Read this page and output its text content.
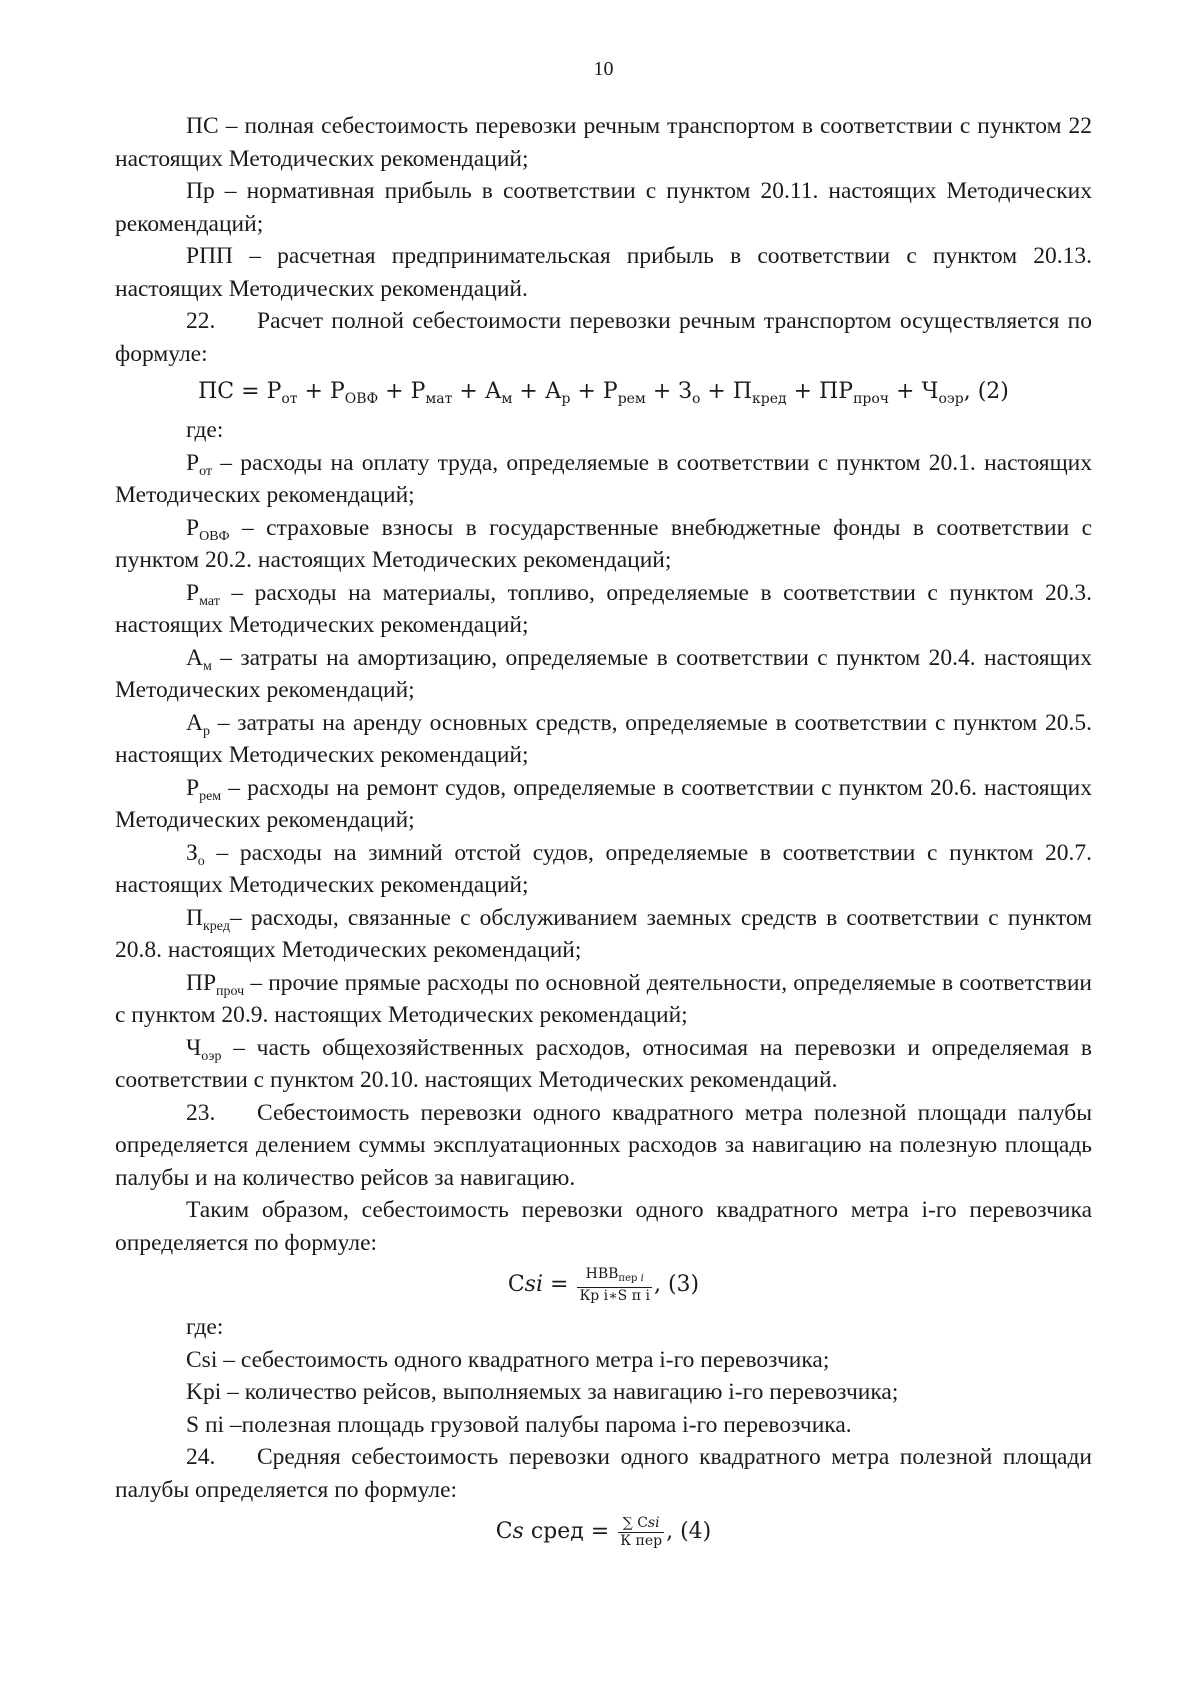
10

ПС – полная себестоимость перевозки речным транспортом в соответствии с пунктом 22 настоящих Методических рекомендаций;

Пр – нормативная прибыль в соответствии с пунктом 20.11. настоящих Методических рекомендаций;

РПП – расчетная предпринимательская прибыль в соответствии с пунктом 20.13. настоящих Методических рекомендаций.

22. Расчет полной себестоимости перевозки речным транспортом осуществляется по формуле:

ПС = $Р_{от} + Р_{ОВФ} + Р_{мат} + А_м + А_р + Р_{рем} + З_о + П_{кред} + ПР_{проч} + Ч_{оэр}$, (2)

где:

$Р_{от}$ – расходы на оплату труда, определяемые в соответствии с пунктом 20.1. настоящих Методических рекомендаций;

$Р_{ОВФ}$ – страховые взносы в государственные внебюджетные фонды в соответствии с пунктом 20.2. настоящих Методических рекомендаций;

$Р_{мат}$ – расходы на материалы, топливо, определяемые в соответствии с пунктом 20.3. настоящих Методических рекомендаций;

$А_м$ – затраты на амортизацию, определяемые в соответствии с пунктом 20.4. настоящих Методических рекомендаций;

$А_р$ – затраты на аренду основных средств, определяемые в соответствии с пунктом 20.5. настоящих Методических рекомендаций;

$Р_{рем}$ – расходы на ремонт судов, определяемые в соответствии с пунктом 20.6. настоящих Методических рекомендаций;

$З_о$ – расходы на зимний отстой судов, определяемые в соответствии с пунктом 20.7. настоящих Методических рекомендаций;

$П_{кред}-$ расходы, связанные с обслуживанием заемных средств в соответствии с пунктом 20.8. настоящих Методических рекомендаций;

$ПР_{проч}$ – прочие прямые расходы по основной деятельности, определяемые в соответствии с пунктом 20.9. настоящих Методических рекомендаций;

$Ч_{оэр}$ – часть общехозяйственных расходов, относимая на перевозки и определяемая в соответствии с пунктом 20.10. настоящих Методических рекомендаций.

23. Себестоимость перевозки одного квадратного метра полезной площади палубы определяется делением суммы эксплуатационных расходов за навигацию на полезную площадь палубы и на количество рейсов за навигацию.

Таким образом, себестоимость перевозки одного квадратного метра i-го перевозчика определяется по формуле:

C𝑠𝑖 = $\frac{НВВ_{пер 𝑖}}{\text{Кр i∗S п i}}$ , (3)

где:

Csi – себестоимость одного квадратного метра i-го перевозчика;

Kpi – количество рейсов, выполняемых за навигацию i-го перевозчика;

S пi –полезная площадь грузовой палубы парома i-го перевозчика.

24. Средняя себестоимость перевозки одного квадратного метра полезной площади палубы определяется по формуле:

C𝑠 сред = $\frac{\text{∑ C𝑠𝑖}}{\text{К пер}}$ , (4)
